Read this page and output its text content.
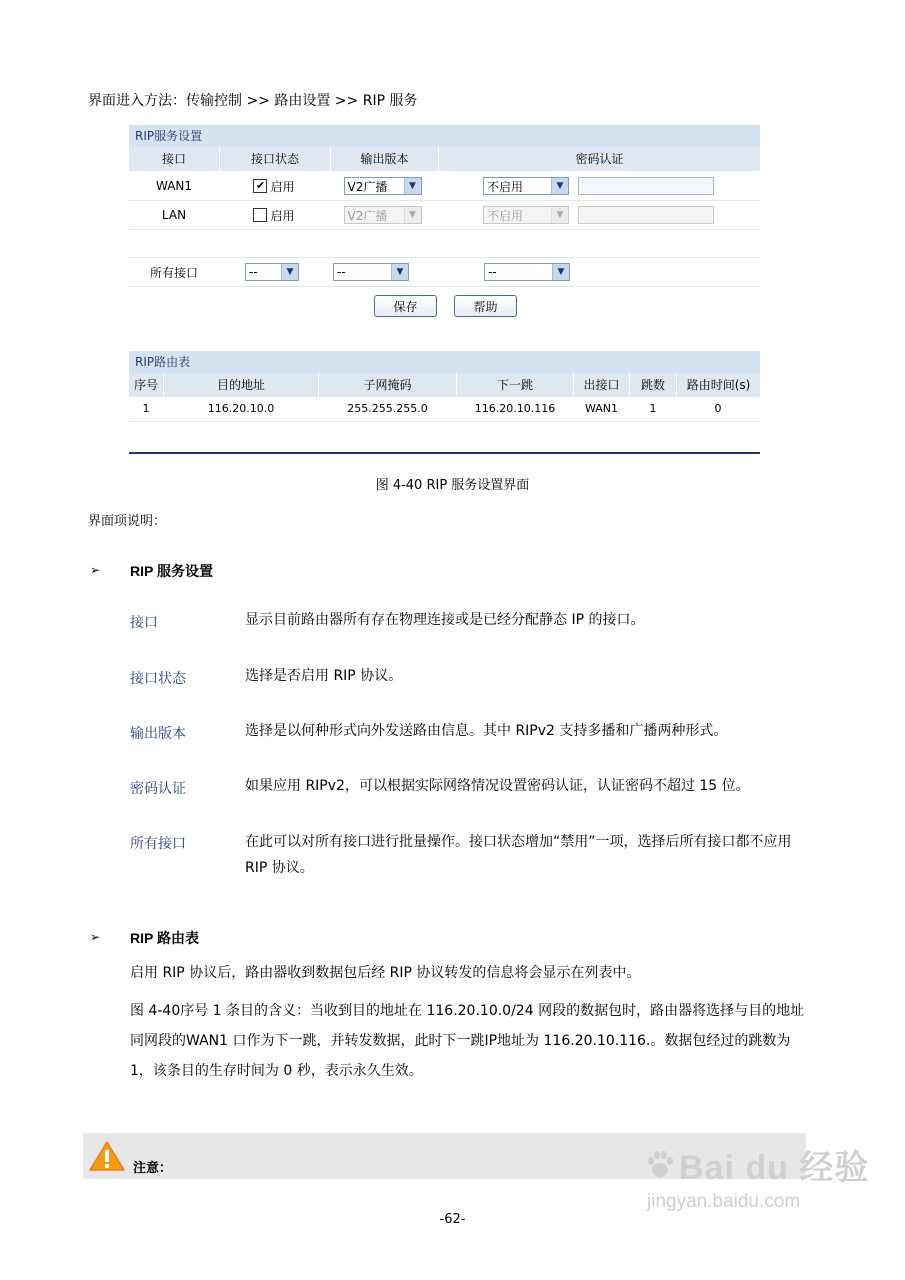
界面进入方法：传输控制 >> 路由设置 >> RIP 服务
RIP服务设置
接口	接口状态	输出版本	密码认证
WAN1	✔ 启用	V2广播	▼	不启用	▼
LAN	启用	V2广播	▼	不启用	▼
所有接口	--	▼	--	▼	--	▼
保存	帮助
RIP路由表
序号	目的地址	子网掩码	下一跳	出接口	跳数	路由时间(s)
1	116.20.10.0	255.255.255.0	116.20.10.116	WAN1	1	0
图 4-40 RIP 服务设置界面
界面项说明：
➢ RIP 服务设置
接口	显示目前路由器所有存在物理连接或是已经分配静态 IP 的接口。
接口状态	选择是否启用 RIP 协议。
输出版本	选择是以何种形式向外发送路由信息。其中 RIPv2 支持多播和广播两种形式。
密码认证	如果应用 RIPv2，可以根据实际网络情况设置密码认证，认证密码不超过 15 位。
所有接口	在此可以对所有接口进行批量操作。接口状态增加“禁用”一项，选择后所有接口都不应用 RIP 协议。
➢ RIP 路由表
启用 RIP 协议后，路由器收到数据包后经 RIP 协议转发的信息将会显示在列表中。
图 4-40序号 1 条目的含义：当收到目的地址在 116.20.10.0/24 网段的数据包时，路由器将选择与目的地址同网段的WAN1 口作为下一跳，并转发数据，此时下一跳IP地址为 116.20.10.116.。数据包经过的跳数为 1，该条目的生存时间为 0 秒，表示永久生效。
注意：	Bai du 经验
jingyan.baidu.com
-62-
